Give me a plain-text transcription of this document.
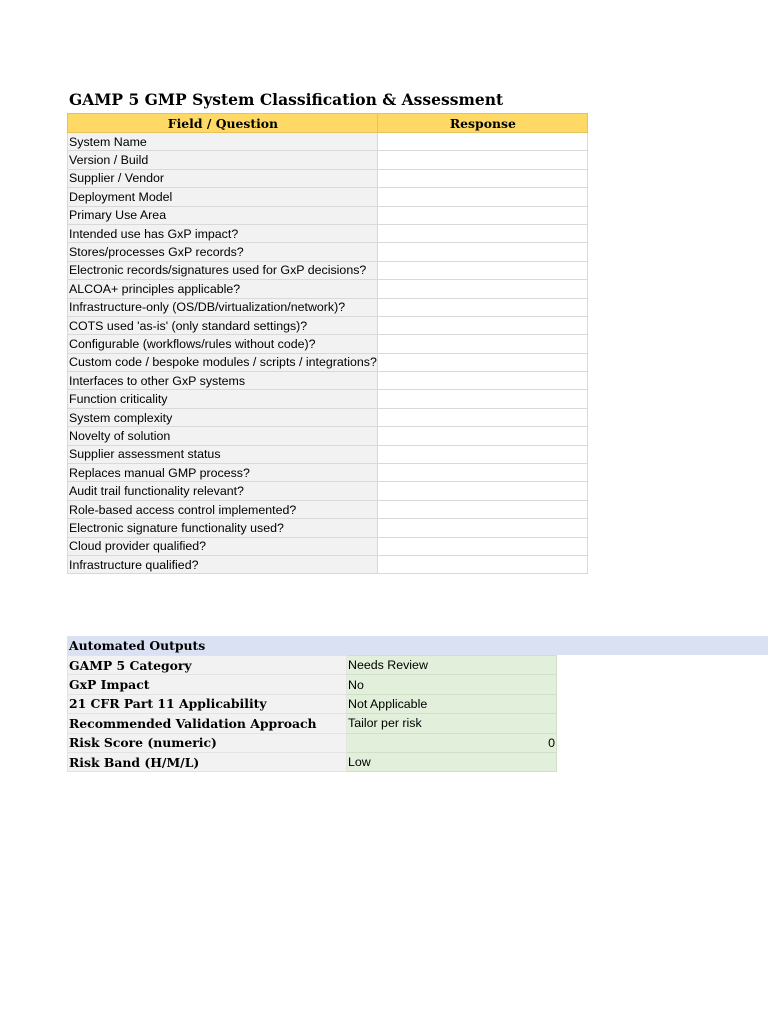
GAMP 5 GMP System Classification & Assessment
Field / Question	Response
System Name	
Version / Build	
Supplier / Vendor	
Deployment Model	
Primary Use Area	
Intended use has GxP impact?	
Stores/processes GxP records?	
Electronic records/signatures used for GxP decisions?	
ALCOA+ principles applicable?	
Infrastructure-only (OS/DB/virtualization/network)?	
COTS used 'as-is' (only standard settings)?	
Configurable (workflows/rules without code)?	
Custom code / bespoke modules / scripts / integrations?	
Interfaces to other GxP systems	
Function criticality	
System complexity	
Novelty of solution	
Supplier assessment status	
Replaces manual GMP process?	
Audit trail functionality relevant?	
Role-based access control implemented?	
Electronic signature functionality used?	
Cloud provider qualified?	
Infrastructure qualified?	
Automated Outputs
GAMP 5 Category	Needs Review
GxP Impact	No
21 CFR Part 11 Applicability	Not Applicable
Recommended Validation Approach	Tailor per risk
Risk Score (numeric)	0
Risk Band (H/M/L)	Low
